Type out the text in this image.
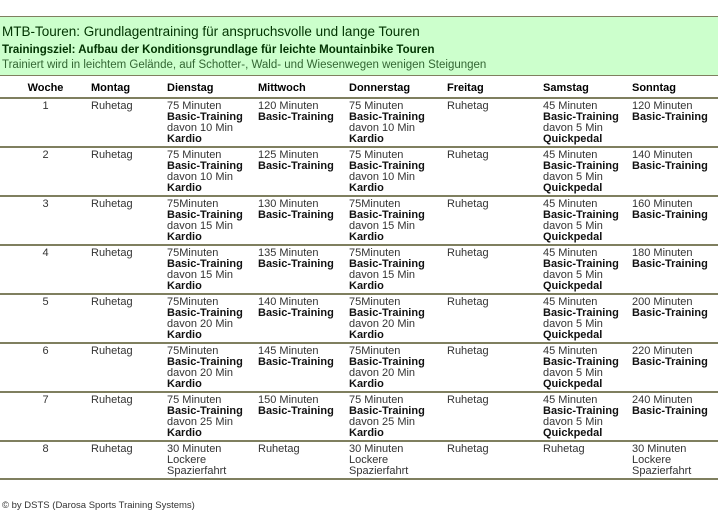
MTB-Touren: Grundlagentraining für anspruchsvolle und lange Touren
Trainingsziel: Aufbau der Konditionsgrundlage für leichte Mountainbike Touren
Trainiert wird in leichtem Gelände, auf Schotter-, Wald- und Wiesenwegen wenigen Steigungen
Woche	Montag	Dienstag	Mittwoch	Donnerstag	Freitag	Samstag	Sonntag
1	Ruhetag	75 Minuten
Basic-Training
davon 10 Min
Kardio	120 Minuten
Basic-Training	75 Minuten
Basic-Training
davon 10 Min
Kardio	Ruhetag	45 Minuten
Basic-Training
davon 5 Min
Quickpedal	120 Minuten
Basic-Training

2	Ruhetag	75 Minuten
Basic-Training
davon 10 Min
Kardio	125 Minuten
Basic-Training	75 Minuten
Basic-Training
davon 10 Min
Kardio	Ruhetag	45 Minuten
Basic-Training
davon 5 Min
Quickpedal	140 Minuten
Basic-Training

3	Ruhetag	75Minuten
Basic-Training
davon 15 Min
Kardio	130 Minuten
Basic-Training	75Minuten
Basic-Training
davon 15 Min
Kardio	Ruhetag	45 Minuten
Basic-Training
davon 5 Min
Quickpedal	160 Minuten
Basic-Training

4	Ruhetag	75Minuten
Basic-Training
davon 15 Min
Kardio	135 Minuten
Basic-Training	75Minuten
Basic-Training
davon 15 Min
Kardio	Ruhetag	45 Minuten
Basic-Training
davon 5 Min
Quickpedal	180 Minuten
Basic-Training

5	Ruhetag	75Minuten
Basic-Training
davon 20 Min
Kardio	140 Minuten
Basic-Training	75Minuten
Basic-Training
davon 20 Min
Kardio	Ruhetag	45 Minuten
Basic-Training
davon 5 Min
Quickpedal	200 Minuten
Basic-Training

6	Ruhetag	75Minuten
Basic-Training
davon 20 Min
Kardio	145 Minuten
Basic-Training	75Minuten
Basic-Training
davon 20 Min
Kardio	Ruhetag	45 Minuten
Basic-Training
davon 5 Min
Quickpedal	220 Minuten
Basic-Training

7	Ruhetag	75 Minuten
Basic-Training
davon 25 Min
Kardio	150 Minuten
Basic-Training	75 Minuten
Basic-Training
davon 25 Min
Kardio	Ruhetag	45 Minuten
Basic-Training
davon 5 Min
Quickpedal	240 Minuten
Basic-Training

8	Ruhetag	30 Minuten
Lockere
Spazierfahrt	Ruhetag	30 Minuten
Lockere Spazierfahrt	Ruhetag	Ruhetag	30 Minuten
Lockere
Spazierfahrt
© by DSTS (Darosa Sports Training Systems)
